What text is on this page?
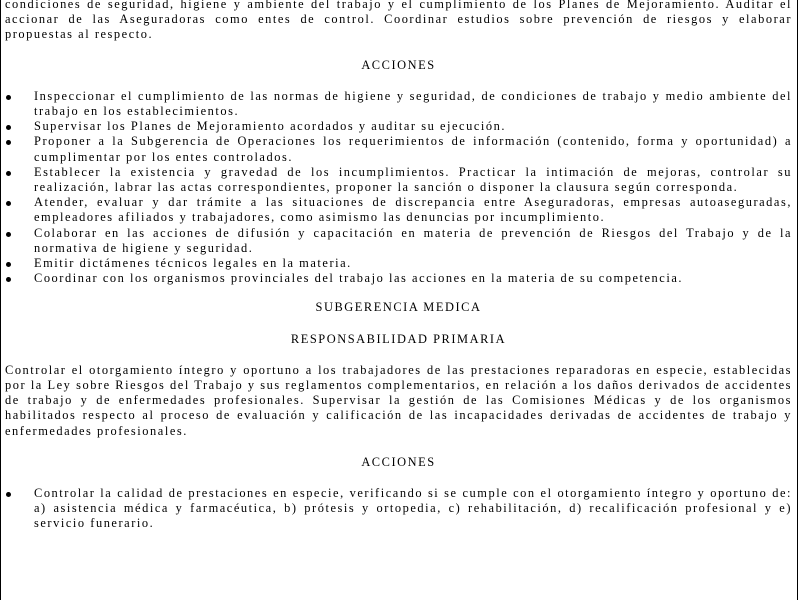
condiciones de seguridad, higiene y ambiente del trabajo y el cumplimiento de los Planes de Mejoramiento. Auditar el accionar de las Aseguradoras como entes de control. Coordinar estudios sobre prevención de riesgos y elaborar propuestas al respecto.

ACCIONES

Inspeccionar el cumplimiento de las normas de higiene y seguridad, de condiciones de trabajo y medio ambiente del trabajo en los establecimientos.
Supervisar los Planes de Mejoramiento acordados y auditar su ejecución.
Proponer a la Subgerencia de Operaciones los requerimientos de información (contenido, forma y oportunidad) a cumplimentar por los entes controlados.
Establecer la existencia y gravedad de los incumplimientos. Practicar la intimación de mejoras, controlar su realización, labrar las actas correspondientes, proponer la sanción o disponer la clausura según corresponda.
Atender, evaluar y dar trámite a las situaciones de discrepancia entre Aseguradoras, empresas autoaseguradas, empleadores afiliados y trabajadores, como asimismo las denuncias por incumplimiento.
Colaborar en las acciones de difusión y capacitación en materia de prevención de Riesgos del Trabajo y de la normativa de higiene y seguridad.
Emitir dictámenes técnicos legales en la materia.
Coordinar con los organismos provinciales del trabajo las acciones en la materia de su competencia.

SUBGERENCIA MEDICA

RESPONSABILIDAD PRIMARIA

Controlar el otorgamiento íntegro y oportuno a los trabajadores de las prestaciones reparadoras en especie, establecidas por la Ley sobre Riesgos del Trabajo y sus reglamentos complementarios, en relación a los daños derivados de accidentes de trabajo y de enfermedades profesionales. Supervisar la gestión de las Comisiones Médicas y de los organismos habilitados respecto al proceso de evaluación y calificación de las incapacidades derivadas de accidentes de trabajo y enfermedades profesionales.

ACCIONES

Controlar la calidad de prestaciones en especie, verificando si se cumple con el otorgamiento íntegro y oportuno de: a) asistencia médica y farmacéutica, b) prótesis y ortopedia, c) rehabilitación, d) recalificación profesional y e) servicio funerario.
